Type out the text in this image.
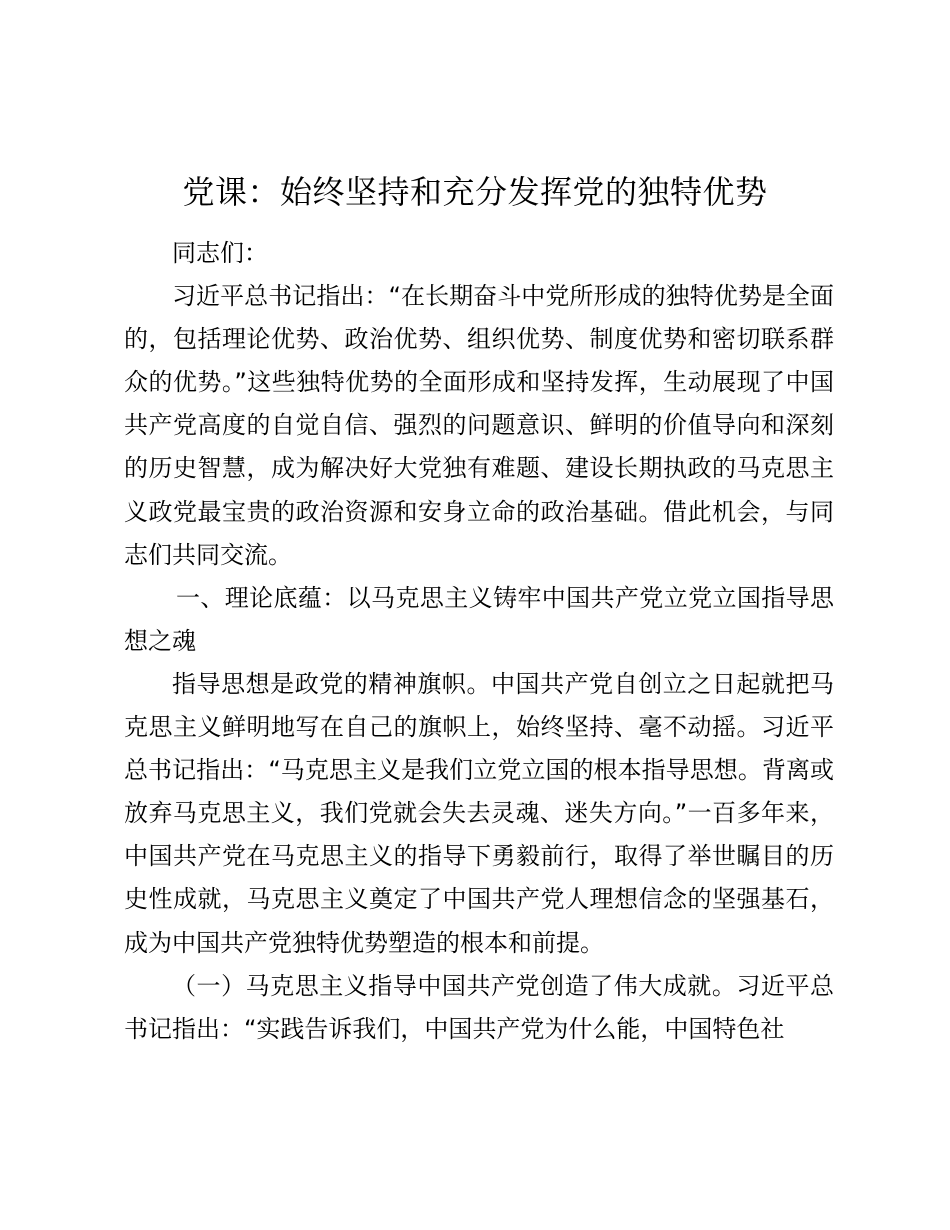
党课：始终坚持和充分发挥党的独特优势

同志们：

习近平总书记指出：“在长期奋斗中党所形成的独特优势是全面的，包括理论优势、政治优势、组织优势、制度优势和密切联系群众的优势。”这些独特优势的全面形成和坚持发挥，生动展现了中国共产党高度的自觉自信、强烈的问题意识、鲜明的价值导向和深刻的历史智慧，成为解决好大党独有难题、建设长期执政的马克思主义政党最宝贵的政治资源和安身立命的政治基础。借此机会，与同志们共同交流。

一、理论底蕴：以马克思主义铸牢中国共产党立党立国指导思想之魂

指导思想是政党的精神旗帜。中国共产党自创立之日起就把马克思主义鲜明地写在自己的旗帜上，始终坚持、毫不动摇。习近平总书记指出：“马克思主义是我们立党立国的根本指导思想。背离或放弃马克思主义，我们党就会失去灵魂、迷失方向。”一百多年来，中国共产党在马克思主义的指导下勇毅前行，取得了举世瞩目的历史性成就，马克思主义奠定了中国共产党人理想信念的坚强基石，成为中国共产党独特优势塑造的根本和前提。

（一）马克思主义指导中国共产党创造了伟大成就。习近平总书记指出：“实践告诉我们，中国共产党为什么能，中国特色社
